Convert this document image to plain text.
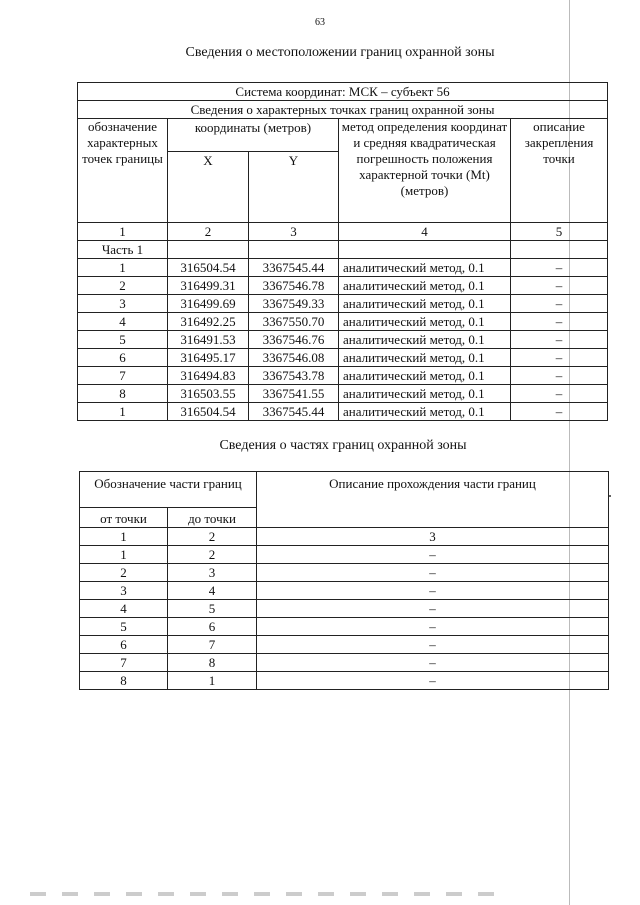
63
Сведения о местоположении границ охранной зоны
Система координат: МСК – субъект 56				
Сведения о характерных точках границ охранной зоны				
обозначение характерных точек границы	координаты (метров)		метод определения координат и средняя квадратическая погрешность положения характерной точки (Mt) (метров)	описание закрепления точки
	X	Y		
1	2	3	4	5
Часть 1				
1	316504.54	3367545.44	аналитический метод, 0.1	–
2	316499.31	3367546.78	аналитический метод, 0.1	–
3	316499.69	3367549.33	аналитический метод, 0.1	–
4	316492.25	3367550.70	аналитический метод, 0.1	–
5	316491.53	3367546.76	аналитический метод, 0.1	–
6	316495.17	3367546.08	аналитический метод, 0.1	–
7	316494.83	3367543.78	аналитический метод, 0.1	–
8	316503.55	3367541.55	аналитический метод, 0.1	–
1	316504.54	3367545.44	аналитический метод, 0.1	–
Сведения о частях границ охранной зоны
Обозначение части границ		Описание прохождения части границ
от точки	до точки	
1	2	3
1	2	–
2	3	–
3	4	–
4	5	–
5	6	–
6	7	–
7	8	–
8	1	–
